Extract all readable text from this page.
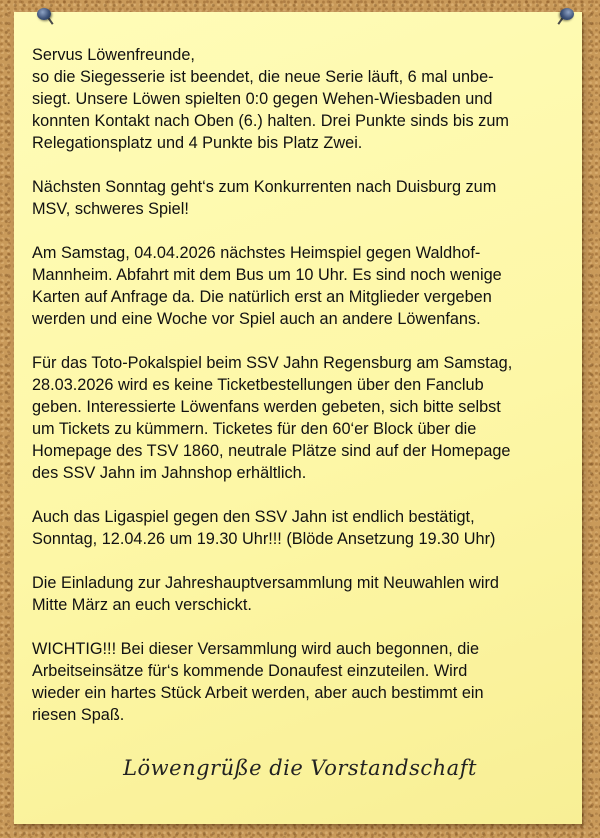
Servus Löwenfreunde,
so die Siegesserie ist beendet, die neue Serie läuft, 6 mal unbe-
siegt. Unsere Löwen spielten 0:0 gegen Wehen-Wiesbaden und
konnten Kontakt nach Oben (6.) halten. Drei Punkte sinds bis zum
Relegationsplatz und 4 Punkte bis Platz Zwei.
Nächsten Sonntag geht‘s zum Konkurrenten nach Duisburg zum
MSV, schweres Spiel!
Am Samstag, 04.04.2026 nächstes Heimspiel gegen Waldhof-
Mannheim. Abfahrt mit dem Bus um 10 Uhr. Es sind noch wenige
Karten auf Anfrage da. Die natürlich erst an Mitglieder vergeben
werden und eine Woche vor Spiel auch an andere Löwenfans.
Für das Toto-Pokalspiel beim SSV Jahn Regensburg am Samstag,
28.03.2026 wird es keine Ticketbestellungen über den Fanclub
geben. Interessierte Löwenfans werden gebeten, sich bitte selbst
um Tickets zu kümmern. Ticketes für den 60‘er Block über die
Homepage des TSV 1860, neutrale Plätze sind auf der Homepage
des SSV Jahn im Jahnshop erhältlich.
Auch das Ligaspiel gegen den SSV Jahn ist endlich bestätigt,
Sonntag, 12.04.26 um 19.30 Uhr!!! (Blöde Ansetzung 19.30 Uhr)
Die Einladung zur Jahreshauptversammlung mit Neuwahlen wird
Mitte März an euch verschickt.
WICHTIG!!! Bei dieser Versammlung wird auch begonnen, die
Arbeitseinsätze für‘s kommende Donaufest einzuteilen. Wird
wieder ein hartes Stück Arbeit werden, aber auch bestimmt ein
riesen Spaß.
Löwengrüße die Vorstandschaft
